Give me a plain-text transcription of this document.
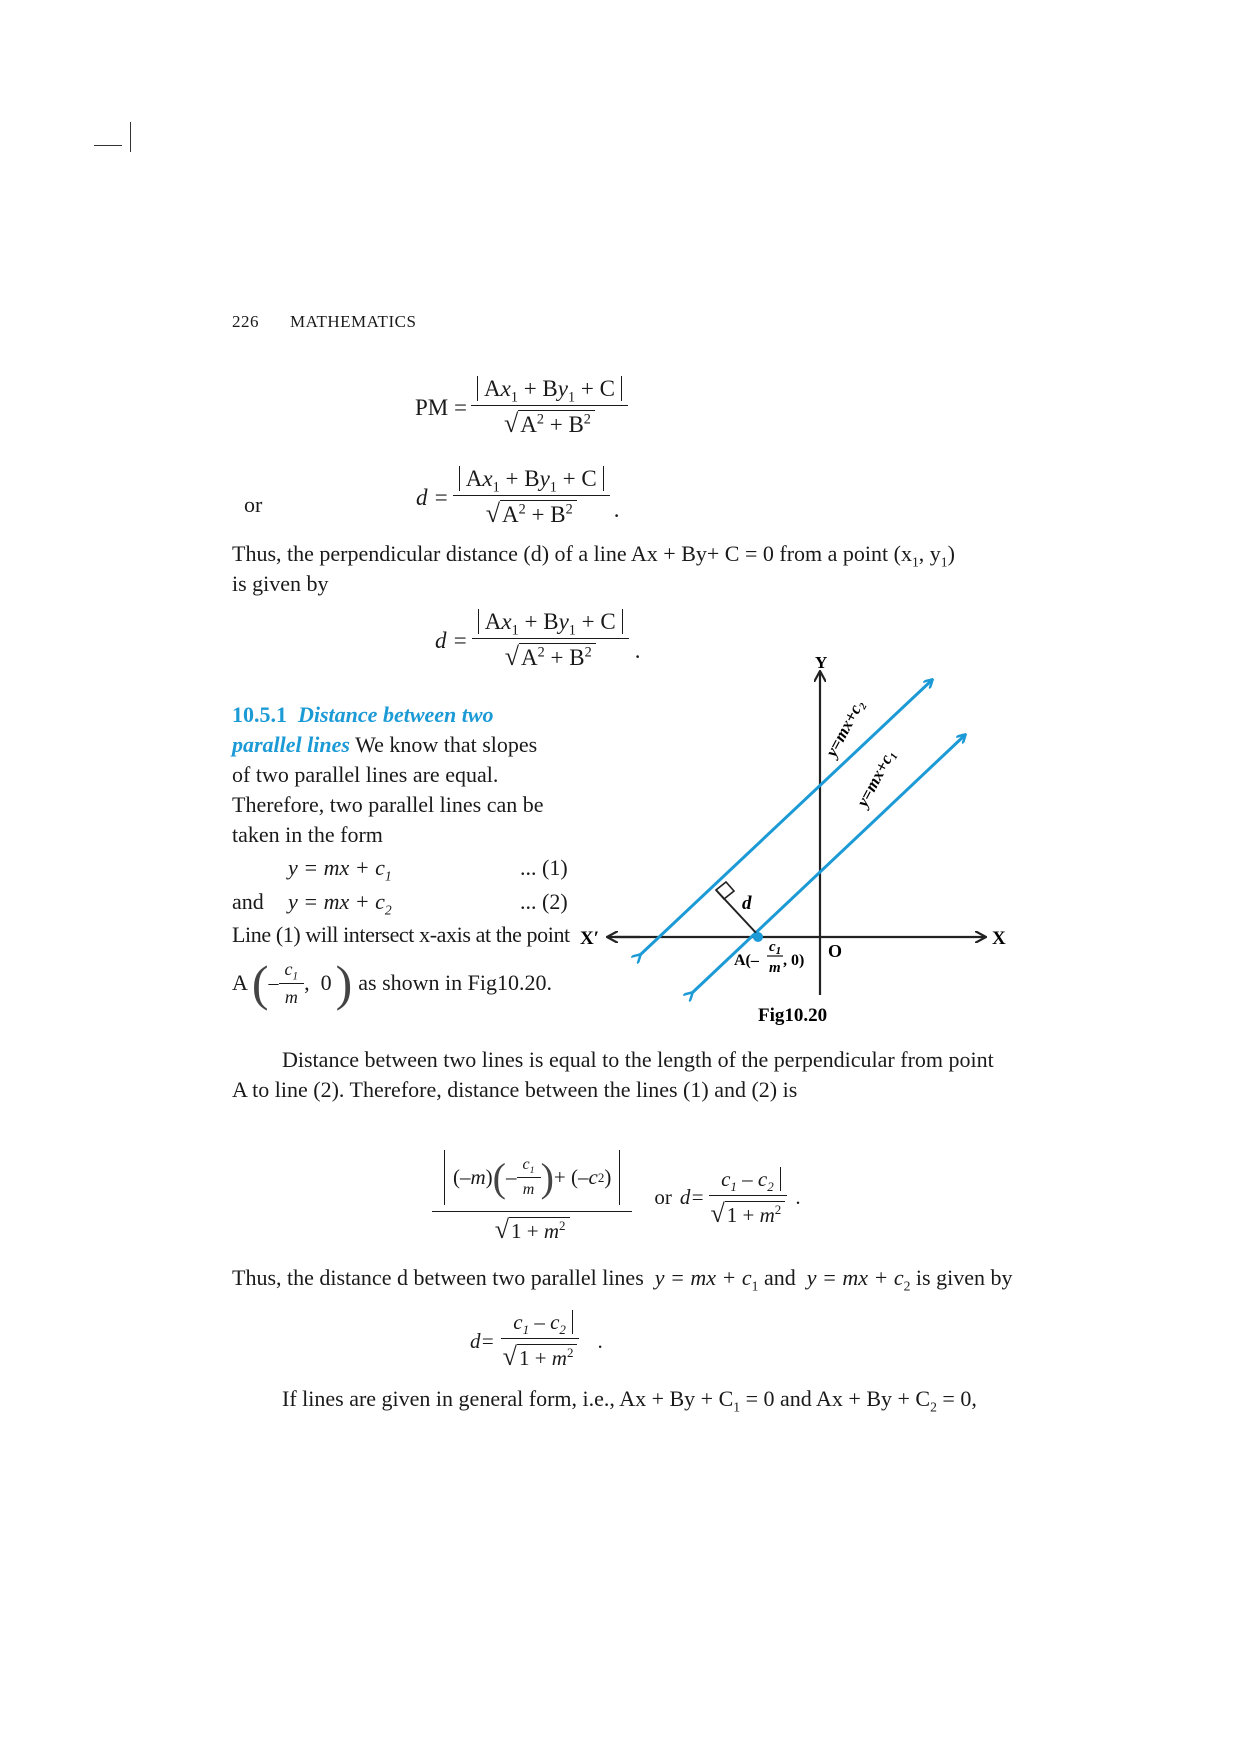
226 MATHEMATICS
PM = $\frac{Ax_1 + By_1 + C}{√A^2 + B^2}$
or	$d = \frac{Ax_1 + By_1 + C}{√A^2 + B^2}$ .
Thus, the perpendicular distance (d) of a line Ax + By+ C = 0 from a point ($x_1$, $y_1$)
is given by
$d = \frac{Ax_1 + By_1 + C}{√A^2 + B^2}$ .
10.5.1 Distance between two
parallel lines We know that slopes
of two parallel lines are equal.
Therefore, two parallel lines can be
taken in the form
y = mx + $c_1$	... (1)
and y = mx + $c_2$	... (2)
Line (1) will intersect x-axis at the point
A ( – $\frac{c_1}{m}$ , 0 ) as shown in Fig10.20.
Y
X
X′
O
d
y=mx+c₂
y=mx+c₁
A(–
$c_1$
m , 0)
Fig10.20
Distance between two lines is equal to the length of the perpendicular from point
A to line (2). Therefore, distance between the lines (1) and (2) is
$\frac{(- m ) ( - \frac{c_1}{m} ) + (- c 2 )}{√1 + m^2}$ or $d= \frac{c_1 - c_2}{√1 + m^2}$ .
Thus, the distance d between two parallel lines  y = mx + $c_1$ and  y = mx + $c_2$ is given by
$d= \frac{c_1 - c_2}{√1 + m^2}$ .
If lines are given in general form, i.e., $Ax + By + C_1 = 0$ and $Ax + By + C_2 = 0$,
